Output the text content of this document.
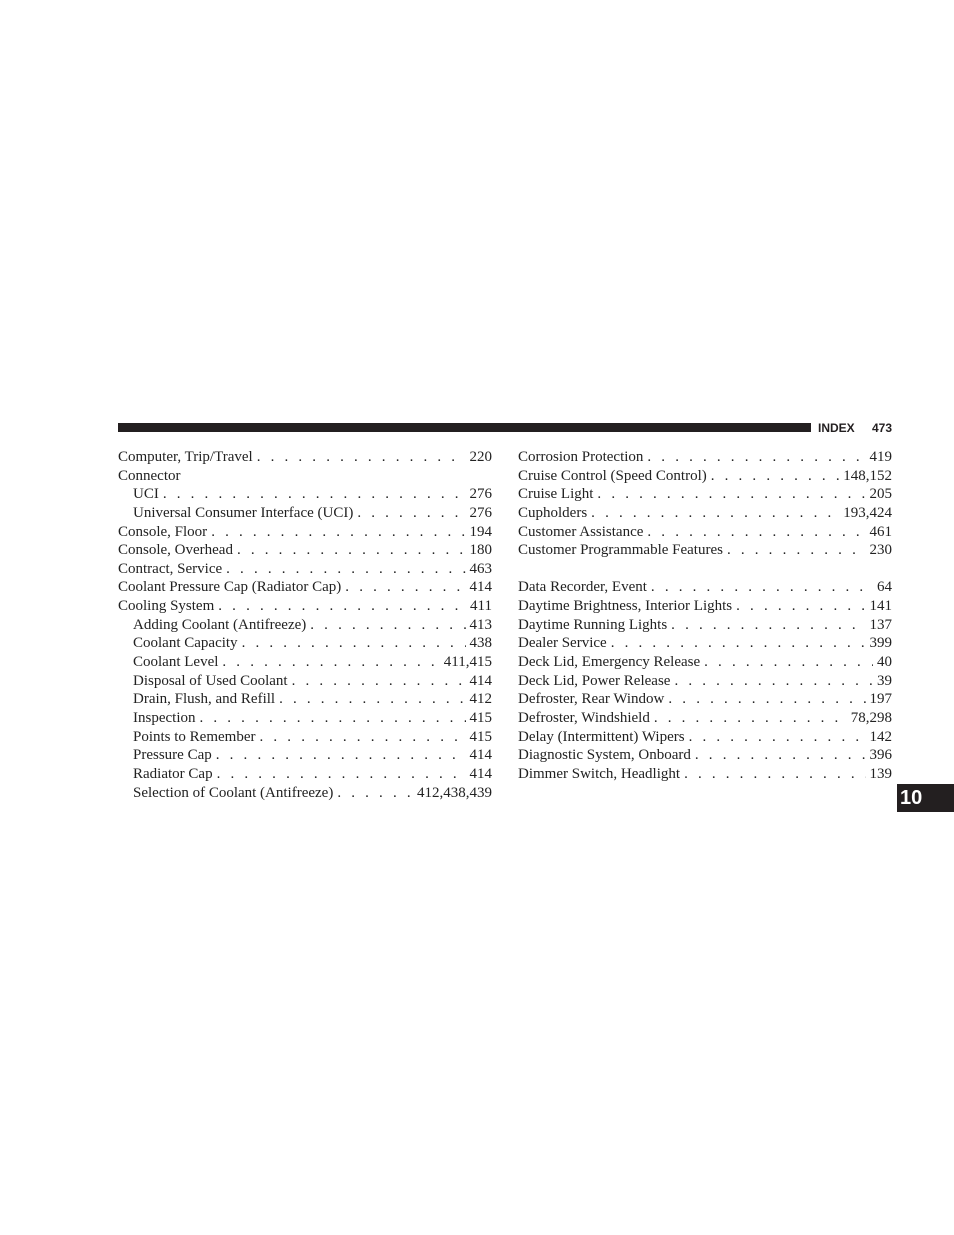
INDEX 473
Computer, Trip/Travel . . .	220
Connector
UCI . . .	276
Universal Consumer Interface (UCI) . . .	276
Console, Floor . . .	194
Console, Overhead . . .	180
Contract, Service . . .	463
Coolant Pressure Cap (Radiator Cap) . . .	414
Cooling System . . .	411
Adding Coolant (Antifreeze) . . .	413
Coolant Capacity . . .	438
Coolant Level . . .	411,415
Disposal of Used Coolant . . .	414
Drain, Flush, and Refill . . .	412
Inspection . . .	415
Points to Remember . . .	415
Pressure Cap . . .	414
Radiator Cap . . .	414
Selection of Coolant (Antifreeze) . . .	412,438,439
Corrosion Protection . . .	419
Cruise Control (Speed Control) . . .	148,152
Cruise Light . . .	205
Cupholders . . .	193,424
Customer Assistance . . .	461
Customer Programmable Features . . .	230
Data Recorder, Event . . .	64
Daytime Brightness, Interior Lights . . .	141
Daytime Running Lights . . .	137
Dealer Service . . .	399
Deck Lid, Emergency Release . . .	40
Deck Lid, Power Release . . .	39
Defroster, Rear Window . . .	197
Defroster, Windshield . . .	78,298
Delay (Intermittent) Wipers . . .	142
Diagnostic System, Onboard . . .	396
Dimmer Switch, Headlight . . .	139
10
